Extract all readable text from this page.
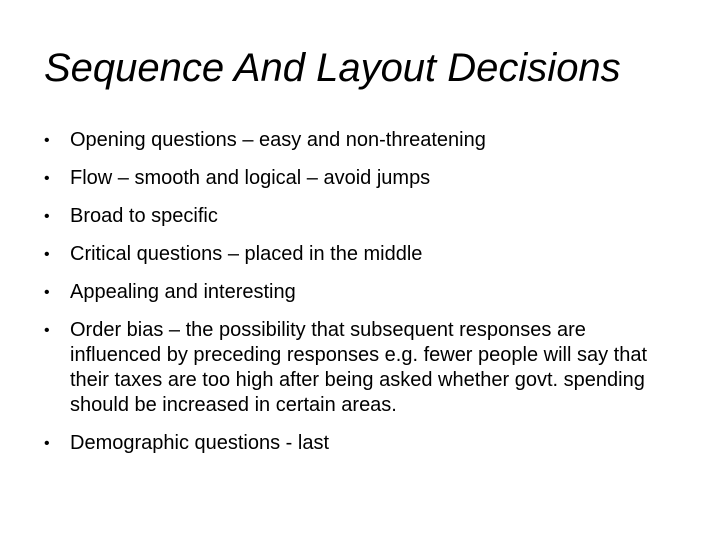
Sequence And Layout Decisions
• Opening questions – easy and non-threatening
• Flow – smooth and logical – avoid jumps
• Broad to specific
• Critical questions – placed in the middle
• Appealing and interesting
• Order bias – the possibility that subsequent responses are influenced by preceding responses e.g. fewer people will say that their taxes are too high after being asked whether govt. spending should be increased in certain areas.
• Demographic questions - last
